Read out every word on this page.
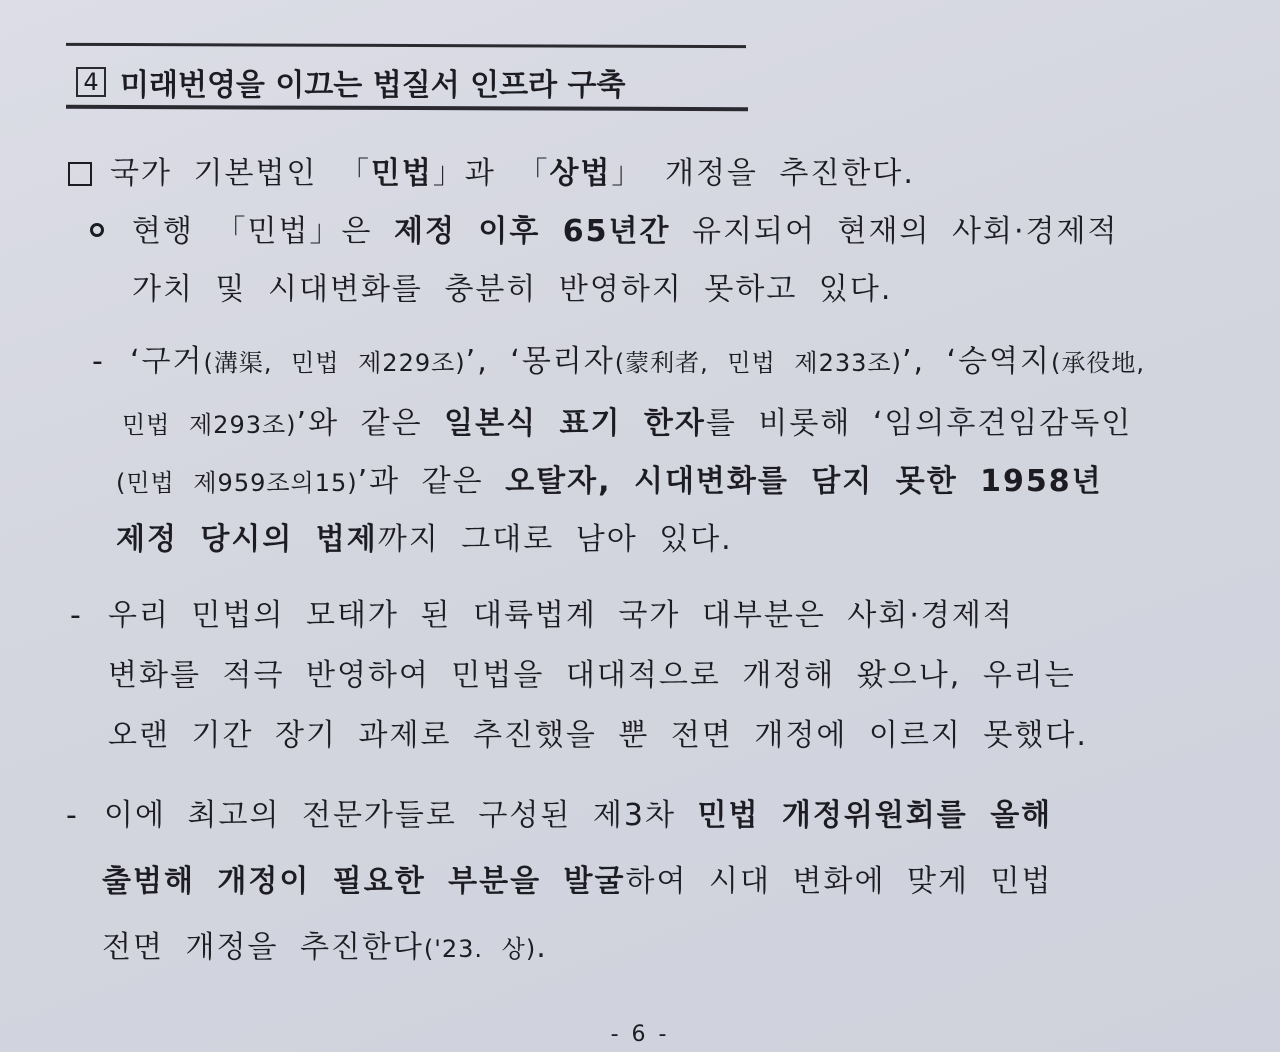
4 미래번영을 이끄는 법질서 인프라 구축
국가 기본법인 「민법」과 「상법」 개정을 추진한다.
현행 「민법」은 제정 이후 65년간 유지되어 현재의 사회·경제적
가치 및 시대변화를 충분히 반영하지 못하고 있다.
- ‘구거(溝渠, 민법 제229조)’, ‘몽리자(蒙利者, 민법 제233조)’, ‘승역지(承役地,
민법 제293조)’와 같은 일본식 표기 한자를 비롯해 ‘임의후견임감독인
(민법 제959조의15)’과 같은 오탈자, 시대변화를 담지 못한 1958년
제정 당시의 법제까지 그대로 남아 있다.
- 우리 민법의 모태가 된 대륙법계 국가 대부분은 사회·경제적
변화를 적극 반영하여 민법을 대대적으로 개정해 왔으나, 우리는
오랜 기간 장기 과제로 추진했을 뿐 전면 개정에 이르지 못했다.
- 이에 최고의 전문가들로 구성된 제3차 민법 개정위원회를 올해
출범해 개정이 필요한 부분을 발굴하여 시대 변화에 맞게 민법
전면 개정을 추진한다('23. 상).
- 6 -
